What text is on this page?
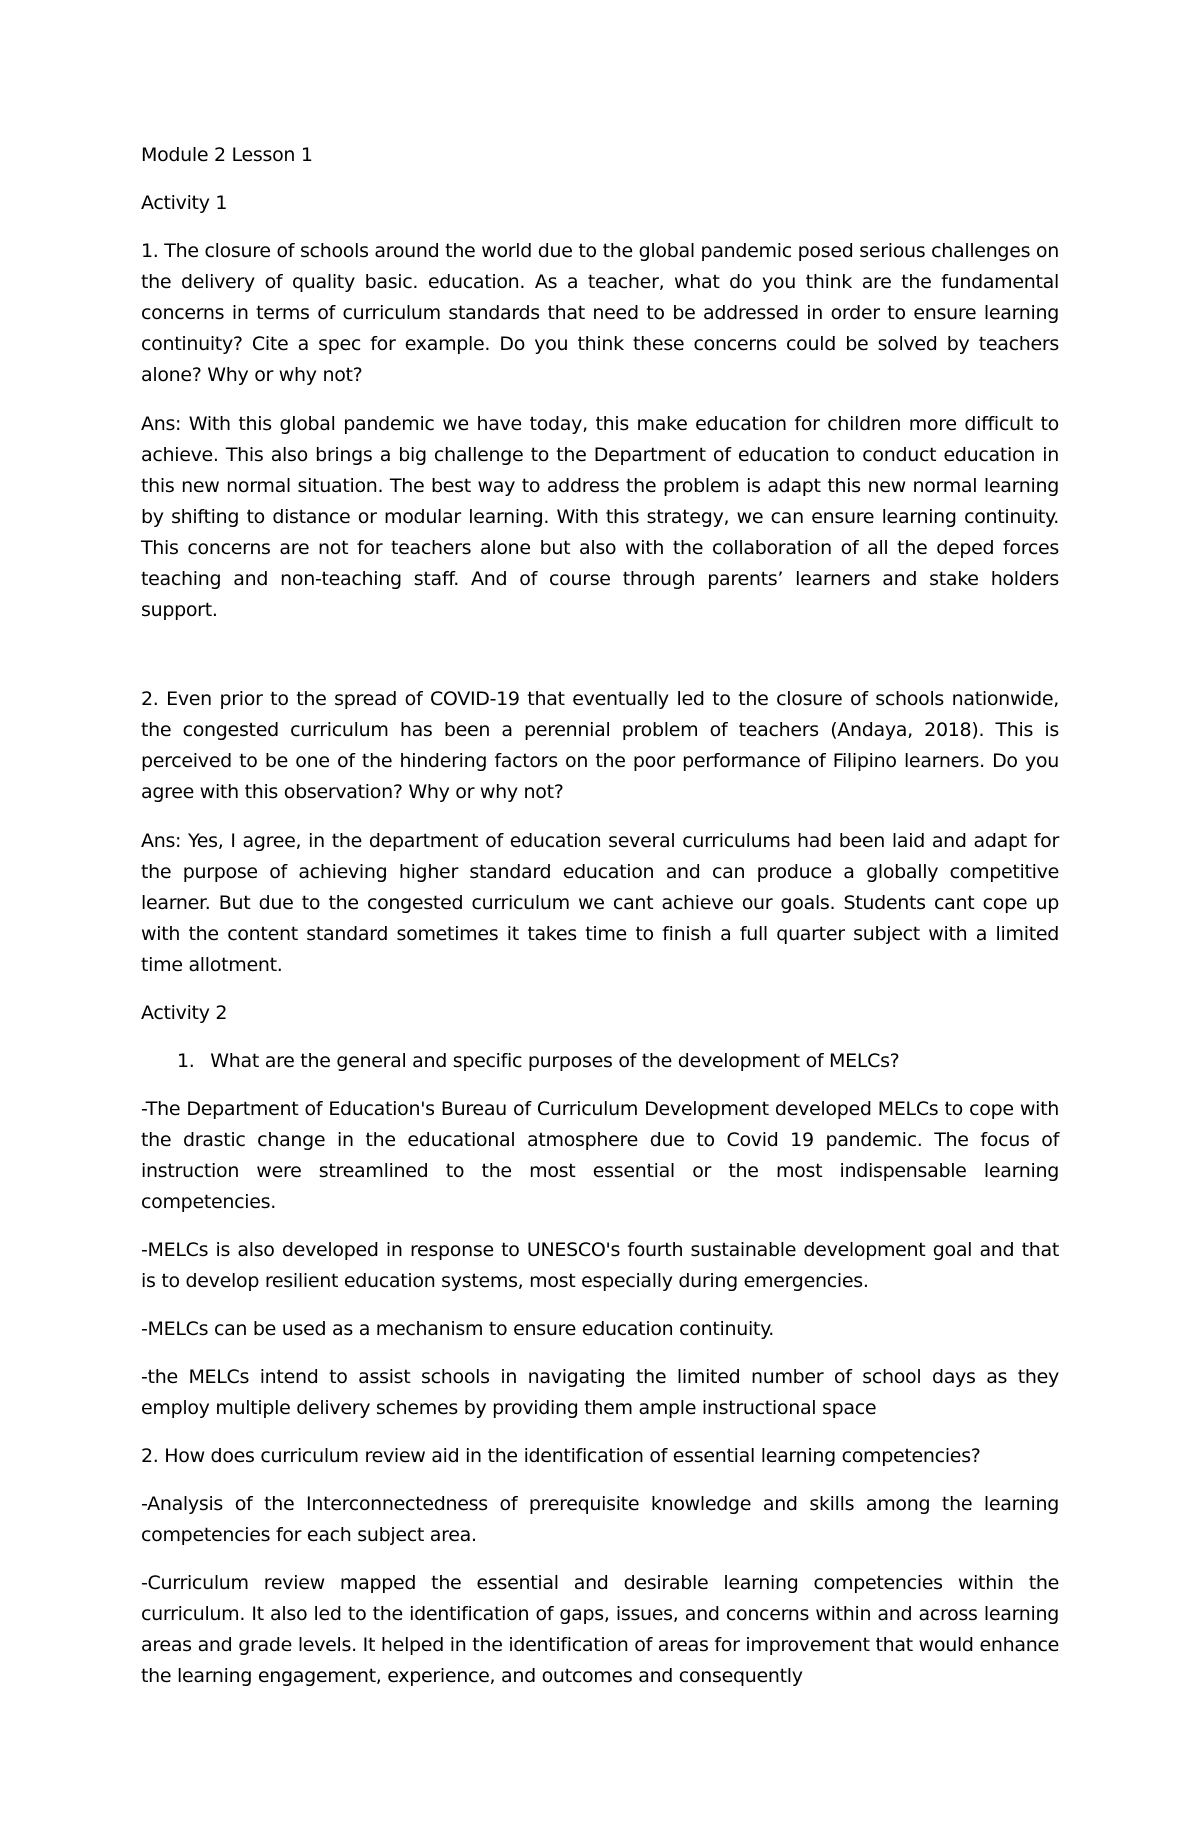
Module 2 Lesson 1

Activity 1

1. The closure of schools around the world due to the global pandemic posed serious challenges on the delivery of quality basic. education. As a teacher, what do you think are the fundamental concerns in terms of curriculum standards that need to be addressed in order to ensure learning continuity? Cite a spec for example. Do you think these concerns could be solved by teachers alone? Why or why not?

Ans: With this global pandemic we have today, this make education for children more difficult to achieve. This also brings a big challenge to the Department of education to conduct education in this new normal situation. The best way to address the problem is adapt this new normal learning by shifting to distance or modular learning. With this strategy, we can ensure learning continuity. This concerns are not for teachers alone but also with the collaboration of all the deped forces teaching and non-teaching staff. And of course through parents’ learners and stake holders support.

2. Even prior to the spread of COVID-19 that eventually led to the closure of schools nationwide, the congested curriculum has been a perennial problem of teachers (Andaya, 2018). This is perceived to be one of the hindering factors on the poor performance of Filipino learners. Do you agree with this observation? Why or why not?

Ans: Yes, I agree, in the department of education several curriculums had been laid and adapt for the purpose of achieving higher standard education and can produce a globally competitive learner. But due to the congested curriculum we cant achieve our goals. Students cant cope up with the content standard sometimes it takes time to finish a full quarter subject with a limited time allotment.

Activity 2

1. What are the general and specific purposes of the development of MELCs?

-The Department of Education's Bureau of Curriculum Development developed MELCs to cope with the drastic change in the educational atmosphere due to Covid 19 pandemic. The focus of instruction were streamlined to the most essential or the most indispensable learning competencies.

-MELCs is also developed in response to UNESCO's fourth sustainable development goal and that is to develop resilient education systems, most especially during emergencies.

-MELCs can be used as a mechanism to ensure education continuity.

-the MELCs intend to assist schools in navigating the limited number of school days as they employ multiple delivery schemes by providing them ample instructional space

2. How does curriculum review aid in the identification of essential learning competencies?

-Analysis of the Interconnectedness of prerequisite knowledge and skills among the learning competencies for each subject area.

-Curriculum review mapped the essential and desirable learning competencies within the curriculum. It also led to the identification of gaps, issues, and concerns within and across learning areas and grade levels. It helped in the identification of areas for improvement that would enhance the learning engagement, experience, and outcomes and consequently
